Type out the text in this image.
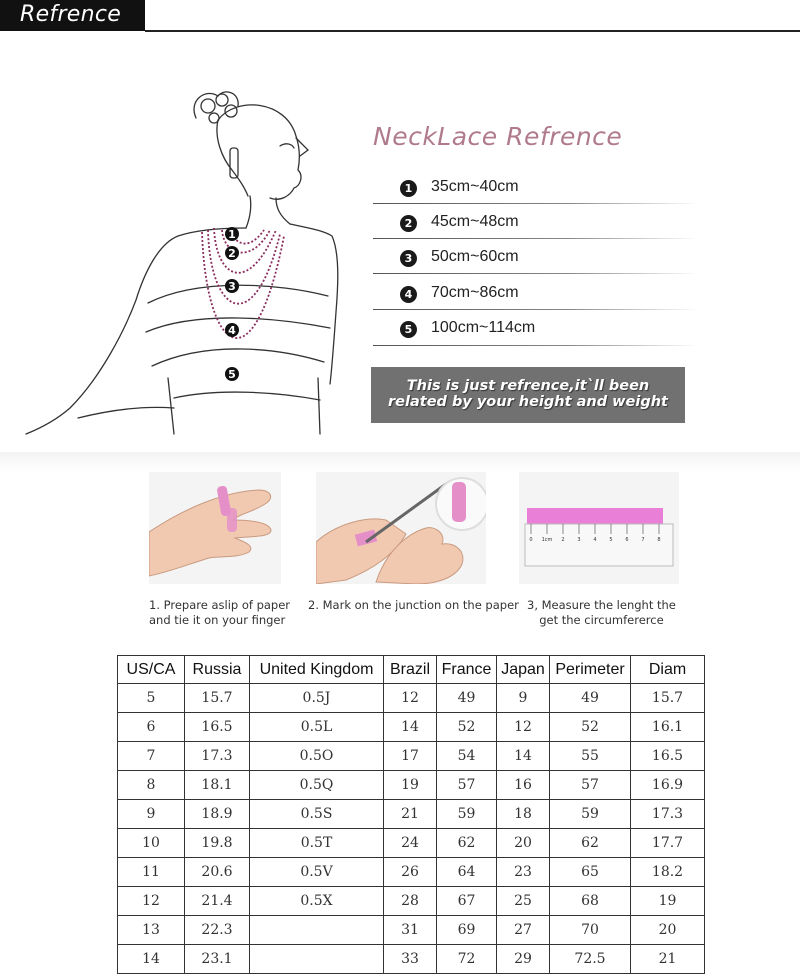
Refrence
1
2
3
4
5
NeckLace Refrence
1 35cm~40cm
2 45cm~48cm
3 50cm~60cm
4 70cm~86cm
5 100cm~114cm
This is just refrence,it`ll been
related by your height and weight
0 1cm 2	3	4	5	6	7	8
1. Prepare aslip of paper
and tie it on your finger
2. Mark on the junction on the paper 3, Measure the lenght the
get the circumfererce
US/CA	Russia	United Kingdom	Brazil	France	Japan	Perimeter	Diam
5	15.7	0.5J	12	49	9	49	15.7
6	16.5	0.5L	14	52	12	52	16.1
7	17.3	0.5O	17	54	14	55	16.5
8	18.1	0.5Q	19	57	16	57	16.9
9	18.9	0.5S	21	59	18	59	17.3
10	19.8	0.5T	24	62	20	62	17.7
11	20.6	0.5V	26	64	23	65	18.2
12	21.4	0.5X	28	67	25	68	19
13	22.3		31	69	27	70	20
14	23.1		33	72	29	72.5	21
